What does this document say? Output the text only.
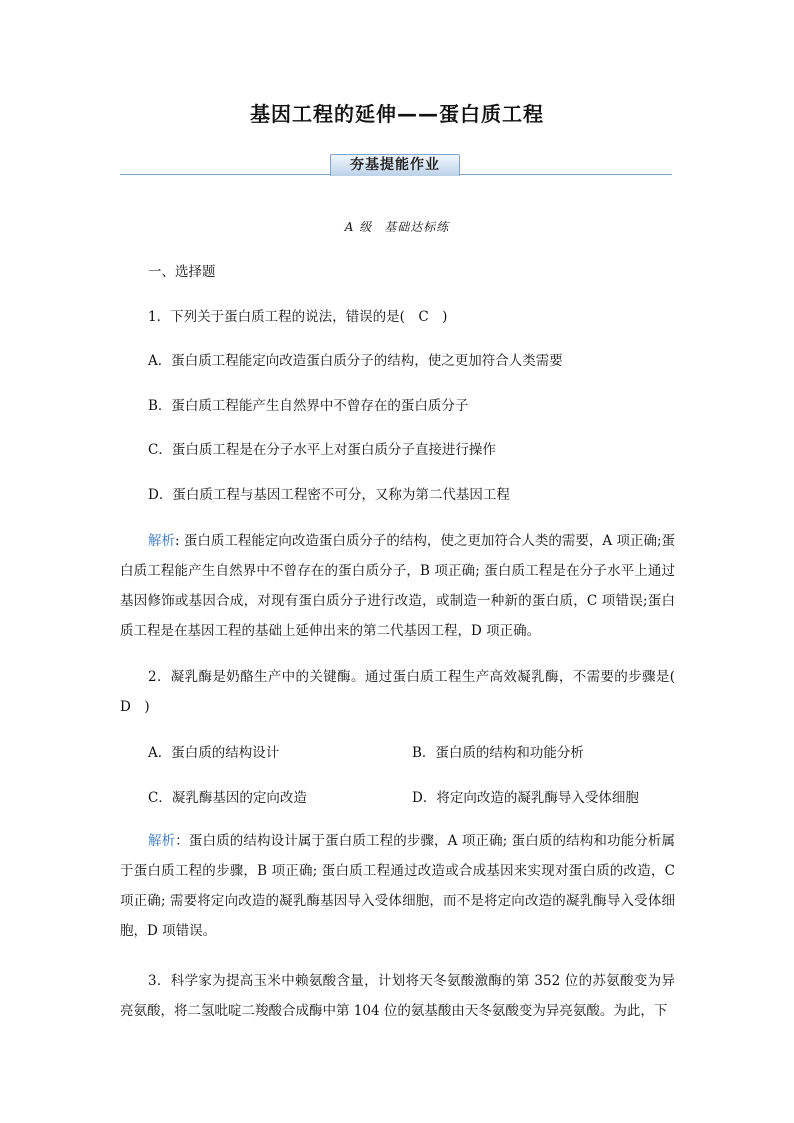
基因工程的延伸——蛋白质工程
夯基提能作业
A 级 基础达标练
一、选择题
1．下列关于蛋白质工程的说法，错误的是(　C　)
A．蛋白质工程能定向改造蛋白质分子的结构，使之更加符合人类需要
B．蛋白质工程能产生自然界中不曾存在的蛋白质分子
C．蛋白质工程是在分子水平上对蛋白质分子直接进行操作
D．蛋白质工程与基因工程密不可分，又称为第二代基因工程
解析: 蛋白质工程能定向改造蛋白质分子的结构，使之更加符合人类的需要，A 项正确;蛋白质工程能产生自然界中不曾存在的蛋白质分子，B 项正确; 蛋白质工程是在分子水平上通过基因修饰或基因合成，对现有蛋白质分子进行改造，或制造一种新的蛋白质，C 项错误;蛋白质工程是在基因工程的基础上延伸出来的第二代基因工程，D 项正确。
2．凝乳酶是奶酪生产中的关键酶。通过蛋白质工程生产高效凝乳酶，不需要的步骤是(　D　)
A．蛋白质的结构设计	B．蛋白质的结构和功能分析
C．凝乳酶基因的定向改造	D．将定向改造的凝乳酶导入受体细胞
解析：蛋白质的结构设计属于蛋白质工程的步骤，A 项正确; 蛋白质的结构和功能分析属于蛋白质工程的步骤，B 项正确; 蛋白质工程通过改造或合成基因来实现对蛋白质的改造，C 项正确; 需要将定向改造的凝乳酶基因导入受体细胞，而不是将定向改造的凝乳酶导入受体细胞，D 项错误。
3．科学家为提高玉米中赖氨酸含量，计划将天冬氨酸激酶的第 352 位的苏氨酸变为异亮氨酸，将二氢吡啶二羧酸合成酶中第 104 位的氨基酸由天冬氨酸变为异亮氨酸。为此，下
